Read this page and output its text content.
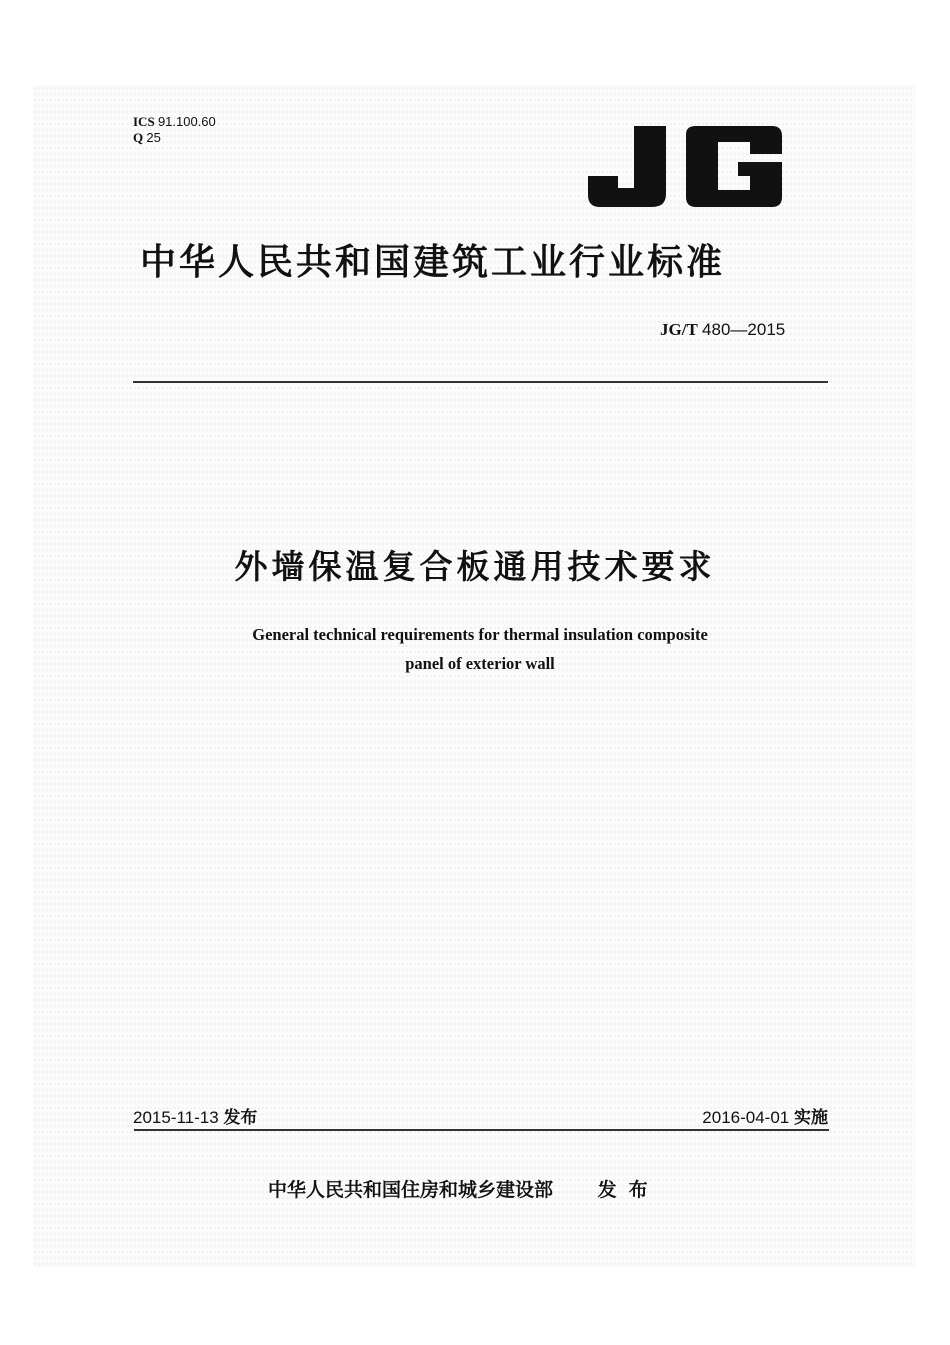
ICS 91.100.60
Q 25
中华人民共和国建筑工业行业标准
JG/T 480—2015
外墙保温复合板通用技术要求
General technical requirements for thermal insulation composite
panel of exterior wall
2015-11-13 发布	2016-04-01 实施
中华人民共和国住房和城乡建设部 发布
